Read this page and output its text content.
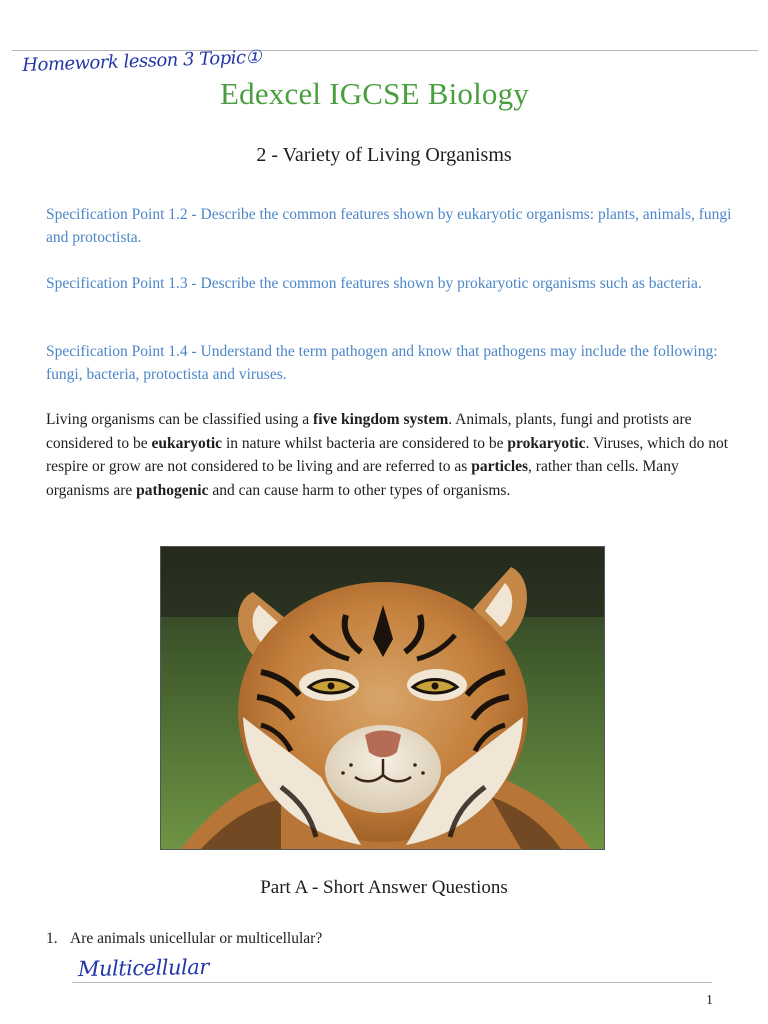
Homework lesson 3 Topic①
Edexcel IGCSE Biology
2 - Variety of Living Organisms

Specification Point 1.2 - Describe the common features shown by eukaryotic organisms: plants, animals, fungi and protoctista.

Specification Point 1.3 - Describe the common features shown by prokaryotic organisms such as bacteria.

Specification Point 1.4 - Understand the term pathogen and know that pathogens may include the following: fungi, bacteria, protoctista and viruses.

Living organisms can be classified using a five kingdom system. Animals, plants, fungi and protists are considered to be eukaryotic in nature whilst bacteria are considered to be prokaryotic. Viruses, which do not respire or grow are not considered to be living and are referred to as particles, rather than cells. Many organisms are pathogenic and can cause harm to other types of organisms.

Part A - Short Answer Questions

1. Are animals unicellular or multicellular?

Multicellular
1
